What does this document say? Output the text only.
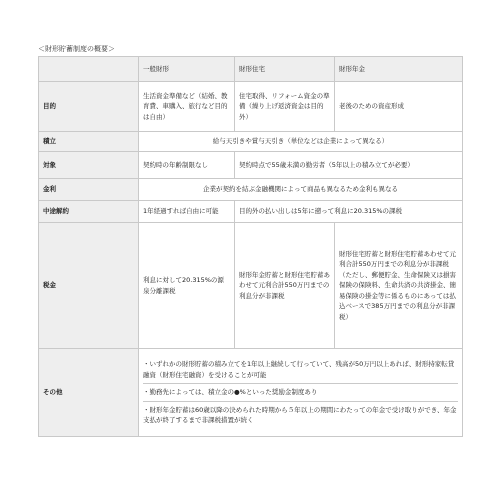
＜財形貯蓄制度の概要＞
	一般財形	財形住宅	財形年金
目的	生活資金準備など（結婚、教育費、車購入、旅行など目的は自由）	住宅取得、リフォーム資金の準備（繰り上げ返済資金は目的外）	老後のための資産形成
積立	給与天引きや賞与天引き（単位などは企業によって異なる）		
対象	契約時の年齢制限なし	契約時点で55歳未満の勤労者（5年以上の積み立てが必要）	
金利	企業が契約を結ぶ金融機関によって商品も異なるため金利も異なる		
中途解約	1年経過すれば自由に可能	目的外の払い出しは5年に遡って利息に20.315%の課税	
税金	利息に対して20.315%の源泉分離課税	財形年金貯蓄と財形住宅貯蓄あわせて元利合計550万円までの利息分が非課税	財形住宅貯蓄と財形住宅貯蓄あわせて元利合計550万円までの利息分が非課税（ただし、郵便貯金、生命保険又は損害保険の保険料、生命共済の共済掛金、簡易保険の掛金等に係るものにあっては払込ベースで385万円までの利息分が非課税）
その他	・いずれかの財形貯蓄の積み立てを1年以上継続して行っていて、残高が50万円以上あれば、財形持家転貸融資（財形住宅融資）を受けることが可能
・勤務先によっては、積立金の●%といった奨励金制度あり
・財形年金貯蓄は60歳以降の決められた時期から５年以上の期間にわたっての年金で受け取りができ、年金支払が終了するまで非課税措置が続く		
